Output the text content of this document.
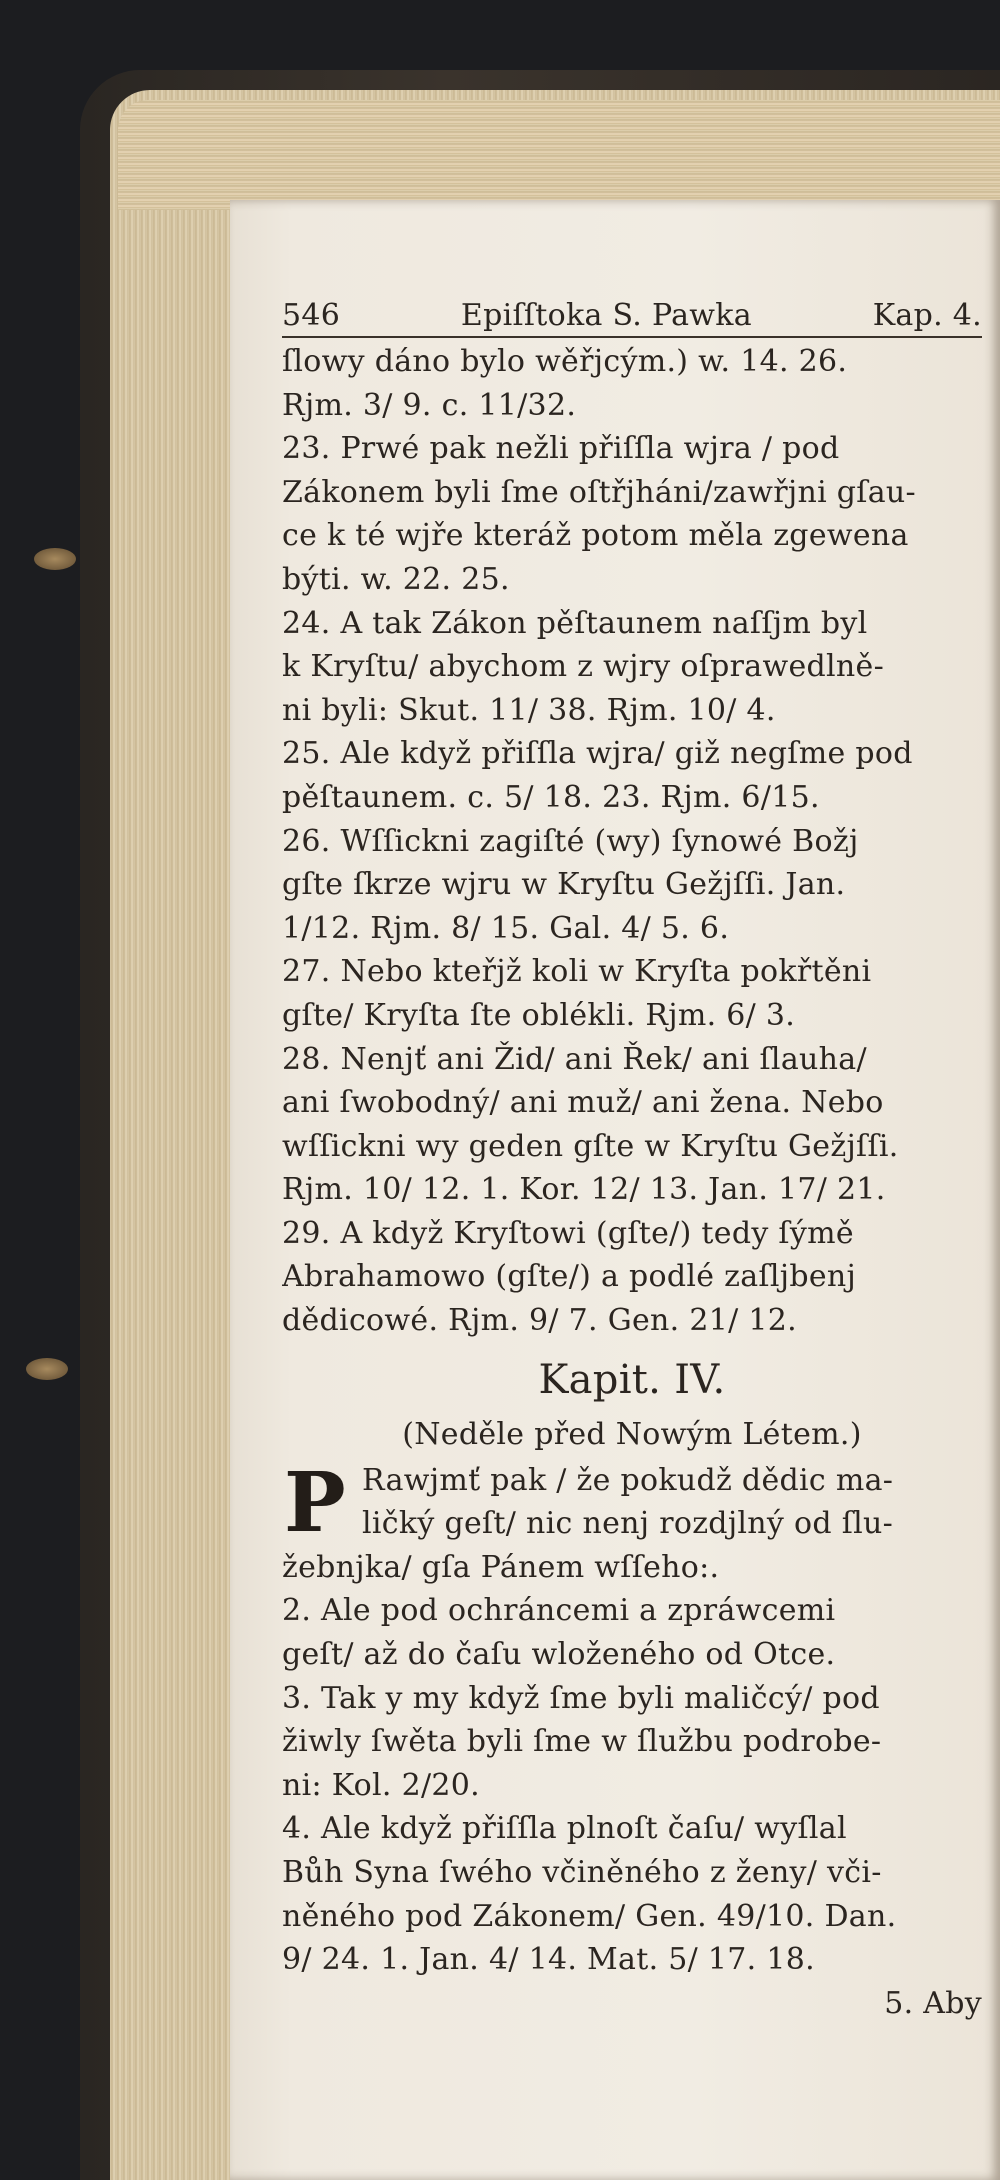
546	Epiſſtoka S. Pawka	Kap. 4.
ſlowy dáno bylo wěřjcým.) w. 14. 26.
Rjm. 3/ 9. c. 11/32.
23. Prwé pak nežli přiſſla wjra / pod
Zákonem byli ſme oſtřjháni/zawřjni gſau-
ce k té wjře kteráž potom měla zgewena
býti. w. 22. 25.
24. A tak Zákon pěſtaunem naſſjm byl
k Kryſtu/ abychom z wjry oſprawedlně-
ni byli: Skut. 11/ 38. Rjm. 10/ 4.
25. Ale když přiſſla wjra/ giž negſme pod
pěſtaunem. c. 5/ 18. 23. Rjm. 6/15.
26. Wſſickni zagiſté (wy) ſynowé Božj
gſte ſkrze wjru w Kryſtu Gežjſſi. Jan.
1/12. Rjm. 8/ 15. Gal. 4/ 5. 6.
27. Nebo kteřjž koli w Kryſta pokřtěni
gſte/ Kryſta ſte oblékli. Rjm. 6/ 3.
28. Nenjť ani Žid/ ani Řek/ ani ſlauha/
ani ſwobodný/ ani muž/ ani žena. Nebo
wſſickni wy geden gſte w Kryſtu Gežjſſi.
Rjm. 10/ 12. 1. Kor. 12/ 13. Jan. 17/ 21.
29. A když Kryſtowi (gſte/) tedy ſýmě
Abrahamowo (gſte/) a podlé zaſljbenj
dědicowé. Rjm. 9/ 7. Gen. 21/ 12.
Kapit. IV.
(Neděle před Nowým Létem.)
P Rawjmť pak / že pokudž dědic ma-
ličký geſt/ nic nenj rozdjlný od ſlu-
žebnjka/ gſa Pánem wſſeho:.
2. Ale pod ochráncemi a zpráwcemi
geſt/ až do čaſu wloženého od Otce.
3. Tak y my když ſme byli maličcý/ pod
žiwly ſwěta byli ſme w ſlužbu podrobe-
ni: Kol. 2/20.
4. Ale když přiſſla plnoſt čaſu/ wyſlal
Bůh Syna ſwého včiněného z ženy/ vči-
něného pod Zákonem/ Gen. 49/10. Dan.
9/ 24. 1. Jan. 4/ 14. Mat. 5/ 17. 18.
5. Aby
